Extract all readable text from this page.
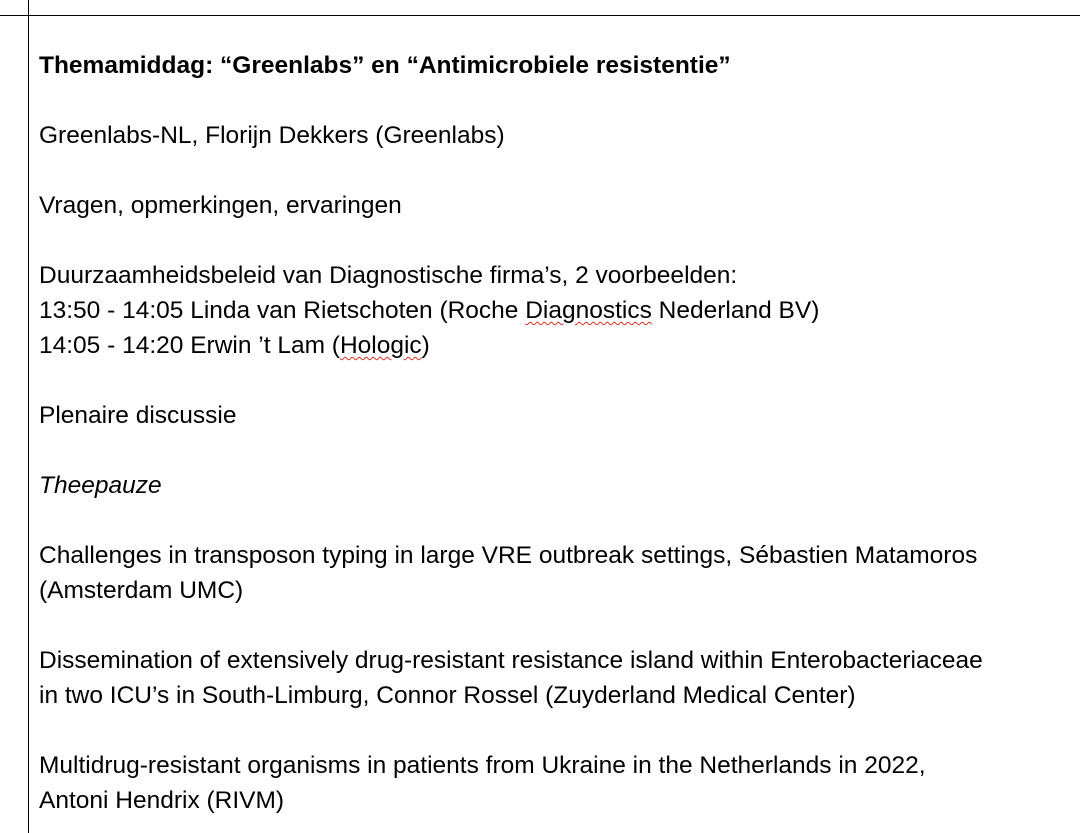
Themamiddag: “Greenlabs” en “Antimicrobiele resistentie”
Greenlabs-NL, Florijn Dekkers (Greenlabs)
Vragen, opmerkingen, ervaringen
Duurzaamheidsbeleid van Diagnostische firma’s, 2 voorbeelden:
13:50 - 14:05 Linda van Rietschoten (Roche Diagnostics Nederland BV)
14:05 - 14:20 Erwin ’t Lam (Hologic)
Plenaire discussie
Theepauze
Challenges in transposon typing in large VRE outbreak settings, Sébastien Matamoros
(Amsterdam UMC)
Dissemination of extensively drug-resistant resistance island within Enterobacteriaceae
in two ICU’s in South-Limburg, Connor Rossel (Zuyderland Medical Center)
Multidrug-resistant organisms in patients from Ukraine in the Netherlands in 2022,
Antoni Hendrix (RIVM)
